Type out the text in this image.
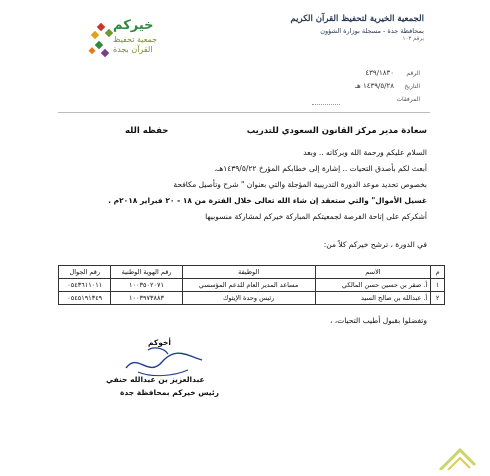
خيركم
جمعية تحفيظ
القرآن بجدة
الجمعية الخيرية لتحفيظ القرآن الكريم
بمحافظة جدة - مسجلة بوزارة الشؤون
برقم ١٠٣
الرقم
٤٣٩/١٨٣٠
التاريخ
١٤٣٩/٥/٢٨ هـ
المرفقات
سعادة مدير مركز القانون السعودي للتدريب
حفظه الله
السلام عليكم ورحمة الله وبركاته .. وبعد
أبعث لكم بأصدق التحيات .. إشارة إلى خطابكم المؤرخ ١٤٣٩/٥/٢٢هـ،
بخصوص تحديد موعد الدورة التدريبية المؤجلة والتي بعنوان " شرح وتأصيل مكافحة
غسيل الأموال" والتي ستعقد إن شاء الله تعالى خلال الفترة من ١٨ - ٢٠ فبراير ٢٠١٨م .
أشكركم على إتاحة الفرصة لجمعيتكم المباركة خيركم لمشاركة منسوبيها
في الدورة ، ترشح خيركم كلاً من:
م	الاسم	الوظيفة	رقم الهوية الوطنية	رقم الجوال
١	أ. صقر بن حسين حسن المالكي	مساعد المدير العام للدعم المؤسسي	١٠٠٣٥٠٢٠٧١	٠٥٤٣٦١١٠١١
٢	أ. عبدالله بن صالح السيد	رئيس وحدة الإيثوك	١٠٠٣٩٧٣٨٨٣	٠٥٤٥١٩١٣٤٩
وتفضلوا بقبول أطيب التحيات، ،
أخوكم
عبدالعزيز بن عبدالله حنفي
رئيس خيركم بمحافظة جدة
